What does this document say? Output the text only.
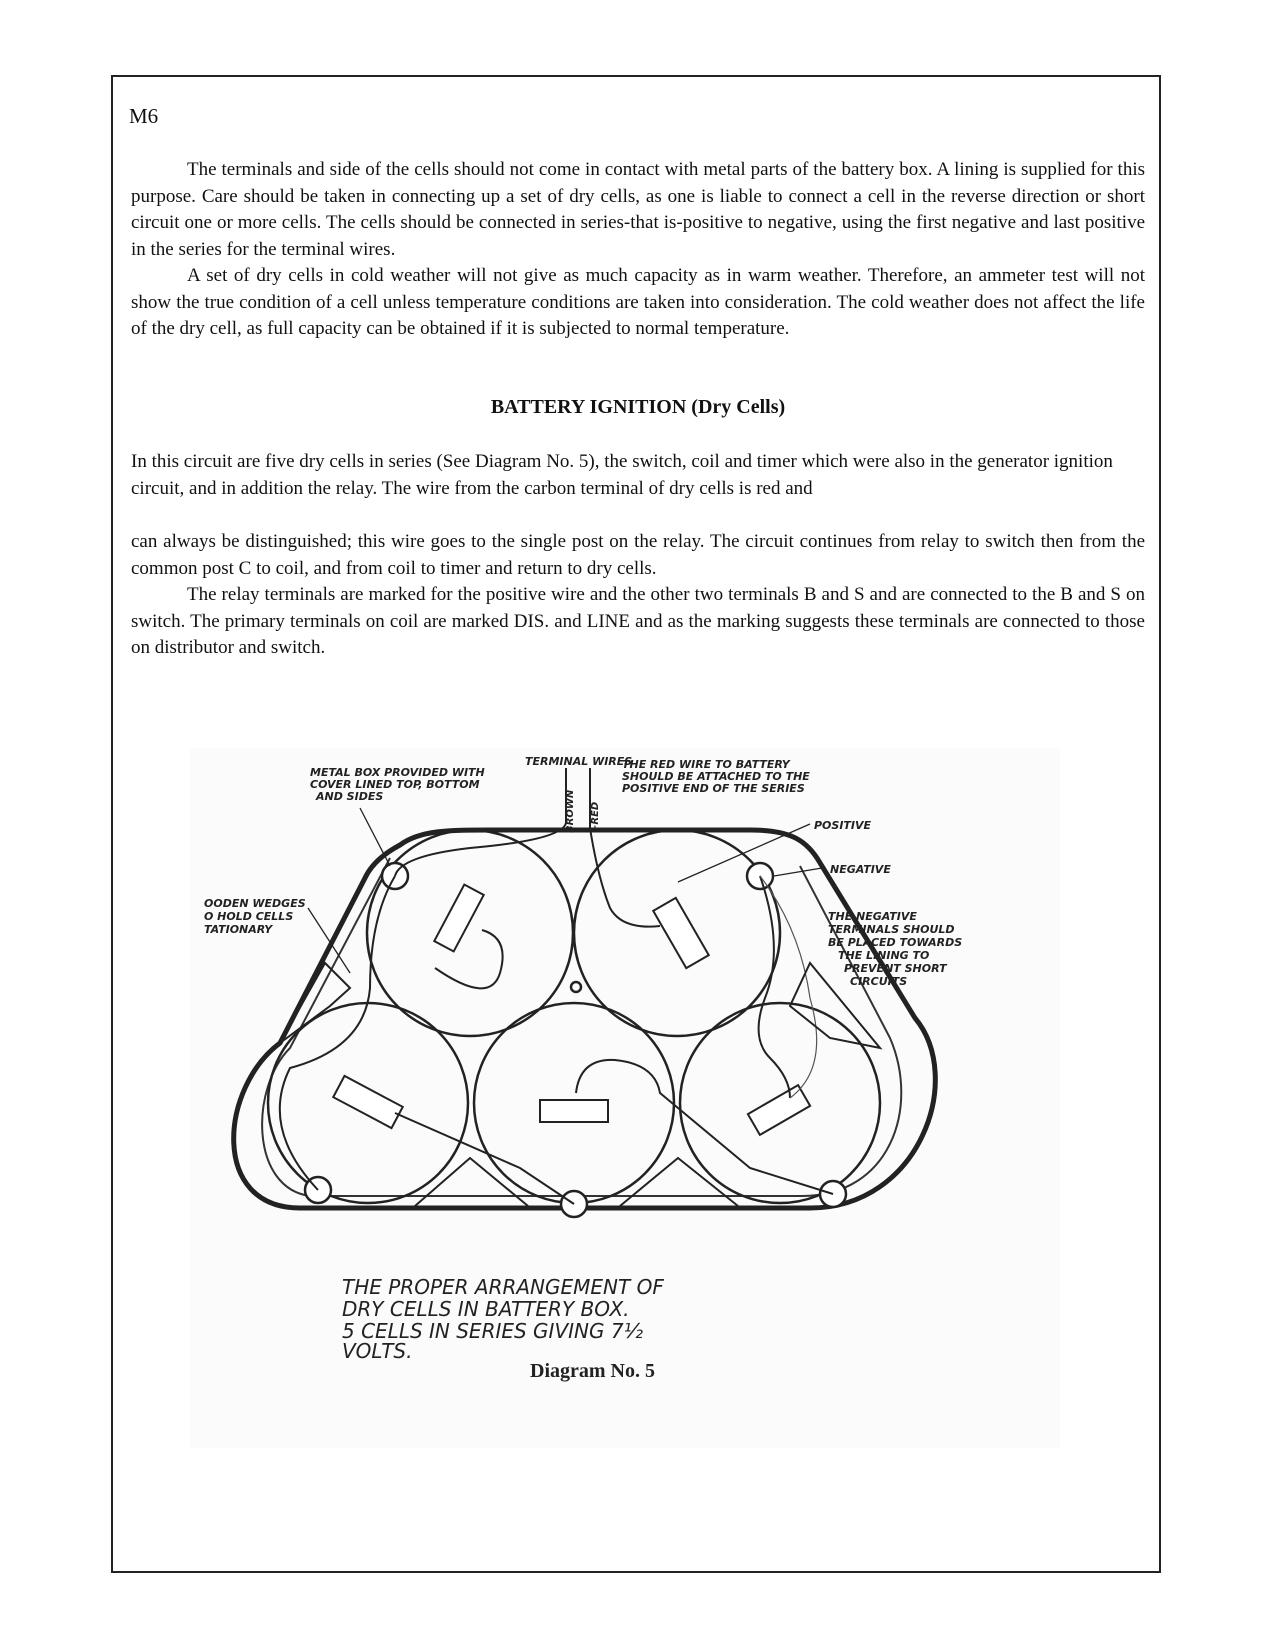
M6

The terminals and side of the cells should not come in contact with metal parts of the battery box. A lining is supplied for this purpose. Care should be taken in connecting up a set of dry cells, as one is liable to connect a cell in the reverse direction or short circuit one or more cells. The cells should be connected in series-that is-positive to negative, using the first negative and last positive in the series for the terminal wires.

A set of dry cells in cold weather will not give as much capacity as in warm weather. Therefore, an ammeter test will not show the true condition of a cell unless temperature conditions are taken into consideration. The cold weather does not affect the life of the dry cell, as full capacity can be obtained if it is subjected to normal temperature.

BATTERY IGNITION (Dry Cells)

In this circuit are five dry cells in series (See Diagram No. 5), the switch, coil and timer which were also in the generator ignition circuit, and in addition the relay. The wire from the carbon terminal of dry cells is red and

can always be distinguished; this wire goes to the single post on the relay. The circuit continues from relay to switch then from the common post C to coil, and from coil to timer and return to dry cells.

The relay terminals are marked for the positive wire and the other two terminals B and S and are connected to the B and S on switch. The primary terminals on coil are marked DIS. and LINE and as the marking suggests these terminals are connected to those on distributor and switch.

TERMINAL WIRES
BROWN +RED
METAL BOX PROVIDED WITH
COVER LINED TOP, BOTTOM
AND SIDES
THE RED WIRE TO BATTERY
SHOULD BE ATTACHED TO THE
POSITIVE END OF THE SERIES
POSITIVE
NEGATIVE
OODEN WEDGES
O HOLD CELLS
TATIONARY
THE NEGATIVE
TERMINALS SHOULD
BE PLACED TOWARDS
THE LINING TO
PREVENT SHORT
CIRCUITS
THE PROPER ARRANGEMENT OF
DRY CELLS IN BATTERY BOX.
5 CELLS IN SERIES GIVING 7½
VOLTS.
Diagram No. 5
